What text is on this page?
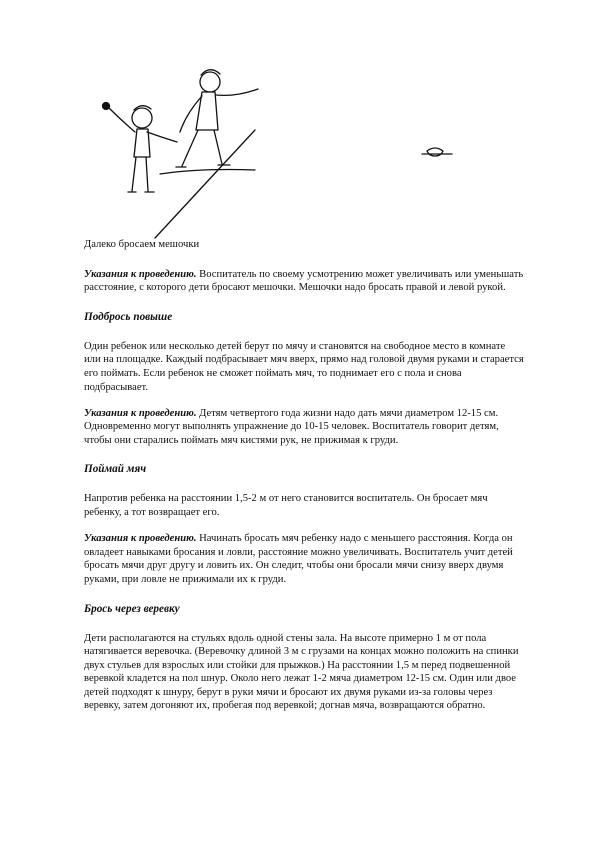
Далеко бросаем мешочки

Указания к проведению. Воспитатель по своему усмотрению может увеличивать или уменьшать расстояние, с которого дети бросают мешочки. Мешочки надо бросать правой и левой рукой.

Подбрось повыше

Один ребенок или несколько детей берут по мячу и становятся на свободное место в комнате или на площадке. Каждый подбрасывает мяч вверх, прямо над головой двумя руками и старается его поймать. Если ребенок не сможет поймать мяч, то поднимает его с пола и снова подбрасывает.

Указания к проведению. Детям четвертого года жизни надо дать мячи диаметром 12-15 см. Одновременно могут выполнять упражнение до 10-15 человек. Воспитатель говорит детям, чтобы они старались поймать мяч кистями рук, не прижимая к груди.

Поймай мяч

Напротив ребенка на расстоянии 1,5-2 м от него становится воспитатель. Он бросает мяч ребенку, а тот возвращает его.

Указания к проведению. Начинать бросать мяч ребенку надо с меньшего расстояния. Когда он овладеет навыками бросания и ловли, расстояние можно увеличивать. Воспитатель учит детей бросать мячи друг другу и ловить их. Он следит, чтобы они бросали мячи снизу вверх двумя руками, при ловле не прижимали их к груди.

Брось через веревку

Дети располагаются на стульях вдоль одной стены зала. На высоте примерно 1 м от пола натягивается веревочка. (Веревочку длиной 3 м с грузами на концах можно положить на спинки двух стульев для взрослых или стойки для прыжков.) На расстоянии 1,5 м перед подвешенной веревкой кладется на пол шнур. Около него лежат 1-2 мяча диаметром 12-15 см. Один или двое детей подходят к шнуру, берут в руки мячи и бросают их двумя руками из-за головы через веревку, затем догоняют их, пробегая под веревкой; догнав мяча, возвращаются обратно.
